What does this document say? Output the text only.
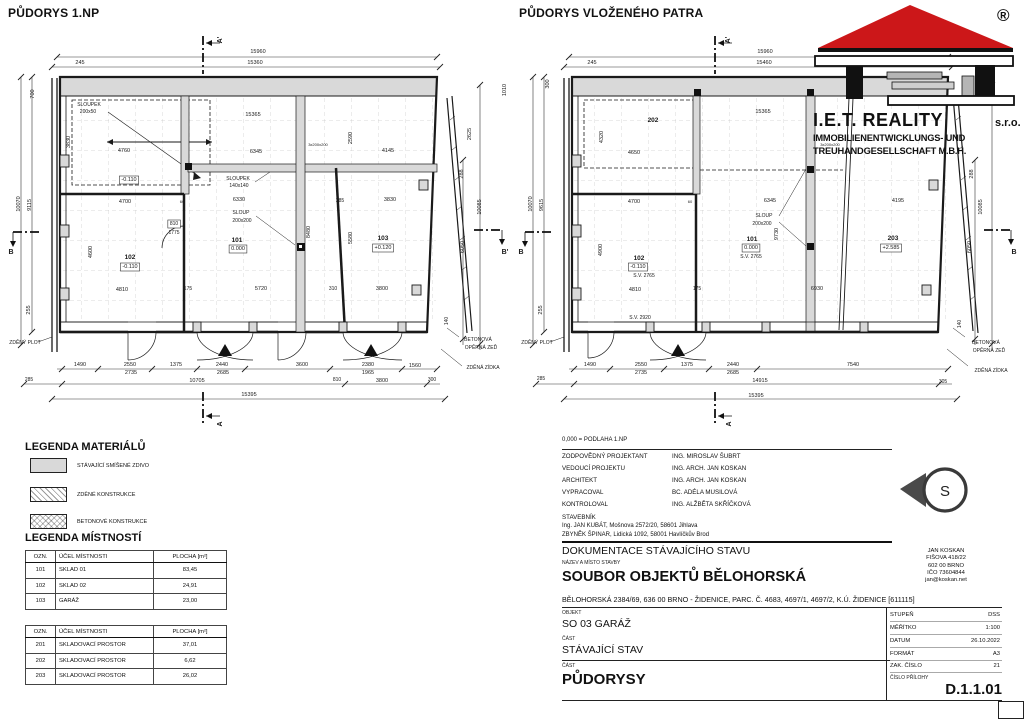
15960
15360
245
A'
700
10070 9115
255
B
ZDĚNÝ PLOT
SLOUPEK
200x50	15365
3830
4760	6345
3x200x200
2590
4145
2625
1010
-0.110	SLOUPEK
140x140
4700	60	6330	285	3830
SLOUP
200x200
810
1775	8480
101
0.000
5580	103
+0.120
102
-0.110
4600
288
10085
6050	B'
4810	175	5720	310	3800
140
BETONOVÁ
OPĚRNÁ ZEĎ
ZDĚNÁ ZÍDKA
1490	2550
2735
1375	2440
2685
3600	2380
1965
1560
285	10705	810	3800	300
15395
A
15960
15460
245
A'
300
10070 9615
255
B
ZDĚNÝ PLOT
202
4320
4650
15365
3x200x200
4700	60	6345
SLOUP
200x200
9730
101
0.000
S.V. 2765
102
-0.110
S.V. 2765
4900
203
+2.585
4195
288
10085
6050
140
B
BETONOVÁ
OPĚRNÁ ZEĎ
ZDĚNÁ ZÍDKA
4810	175	6930
S.V. 2920
1490	2550
2735
1375	2440
2685
7540
285	14915	305
15395
A
PŮDORYS 1.NP	PŮDORYS VLOŽENÉHO PATRA
I.E.T. REALITY	s.r.o.
IMMOBILIENENTWICKLUNGS- UND
TREUHANDGESELLSCHAFT M.B.H.
®
S
LEGENDA MATERIÁLŮ
STÁVAJÍCÍ SMÍŠENÉ ZDIVO
ZDĚNÉ KONSTRUKCE
BETONOVÉ KONSTRUKCE
LEGENDA MÍSTNOSTÍ
OZN.	ÚČEL MÍSTNOSTI	PLOCHA [m²]
101	SKLAD 01	83,45
102	SKLAD 02	24,91
103	GARÁŽ	23,00
OZN.	ÚČEL MÍSTNOSTI	PLOCHA [m²]
201	SKLADOVACÍ PROSTOR	37,01
202	SKLADOVACÍ PROSTOR	6,62
203	SKLADOVACÍ PROSTOR	26,02
0,000 = PODLAHA 1.NP
ZODPOVĚDNÝ PROJEKTANT	ING. MIROSLAV ŠUBRT
VEDOUCÍ PROJEKTU	ING. ARCH. JAN KOSKAN
ARCHITEKT	ING. ARCH. JAN KOSKAN
VYPRACOVAL	BC. ADÉLA MUSILOVÁ
KONTROLOVAL	ING. ALŽBĚTA SKŘÍČKOVÁ
STAVEBNÍK
Ing. JAN KUBÁT, Mošnova 2572/20, 58601 Jihlava
ZBYNĚK ŠPINAR, Lidická 1092, 58001 Havlíčkův Brod
DOKUMENTACE STÁVAJÍCÍHO STAVU
NÁZEV A MÍSTO STAVBY
SOUBOR OBJEKTŮ BĚLOHORSKÁ
BĚLOHORSKÁ 2384/69, 636 00 BRNO - ŽIDENICE, PARC. Č. 4683, 4697/1, 4697/2, K.Ú. ŽIDENICE [611115]
OBJEKT
SO 03 GARÁŽ
ČÁST
STÁVAJÍCÍ STAV
ČÁST
PŮDORYSY
JAN KOSKAN
FIŠOVA 418/22
602 00 BRNO
IČO 73604844
jan@koskan.net
STUPEŇ	DSS
MĚŘÍTKO	1:100
DATUM	26.10.2022
FORMÁT	A3
ZAK. ČÍSLO	21
ČÍSLO PŘÍLOHY
D.1.1.01
